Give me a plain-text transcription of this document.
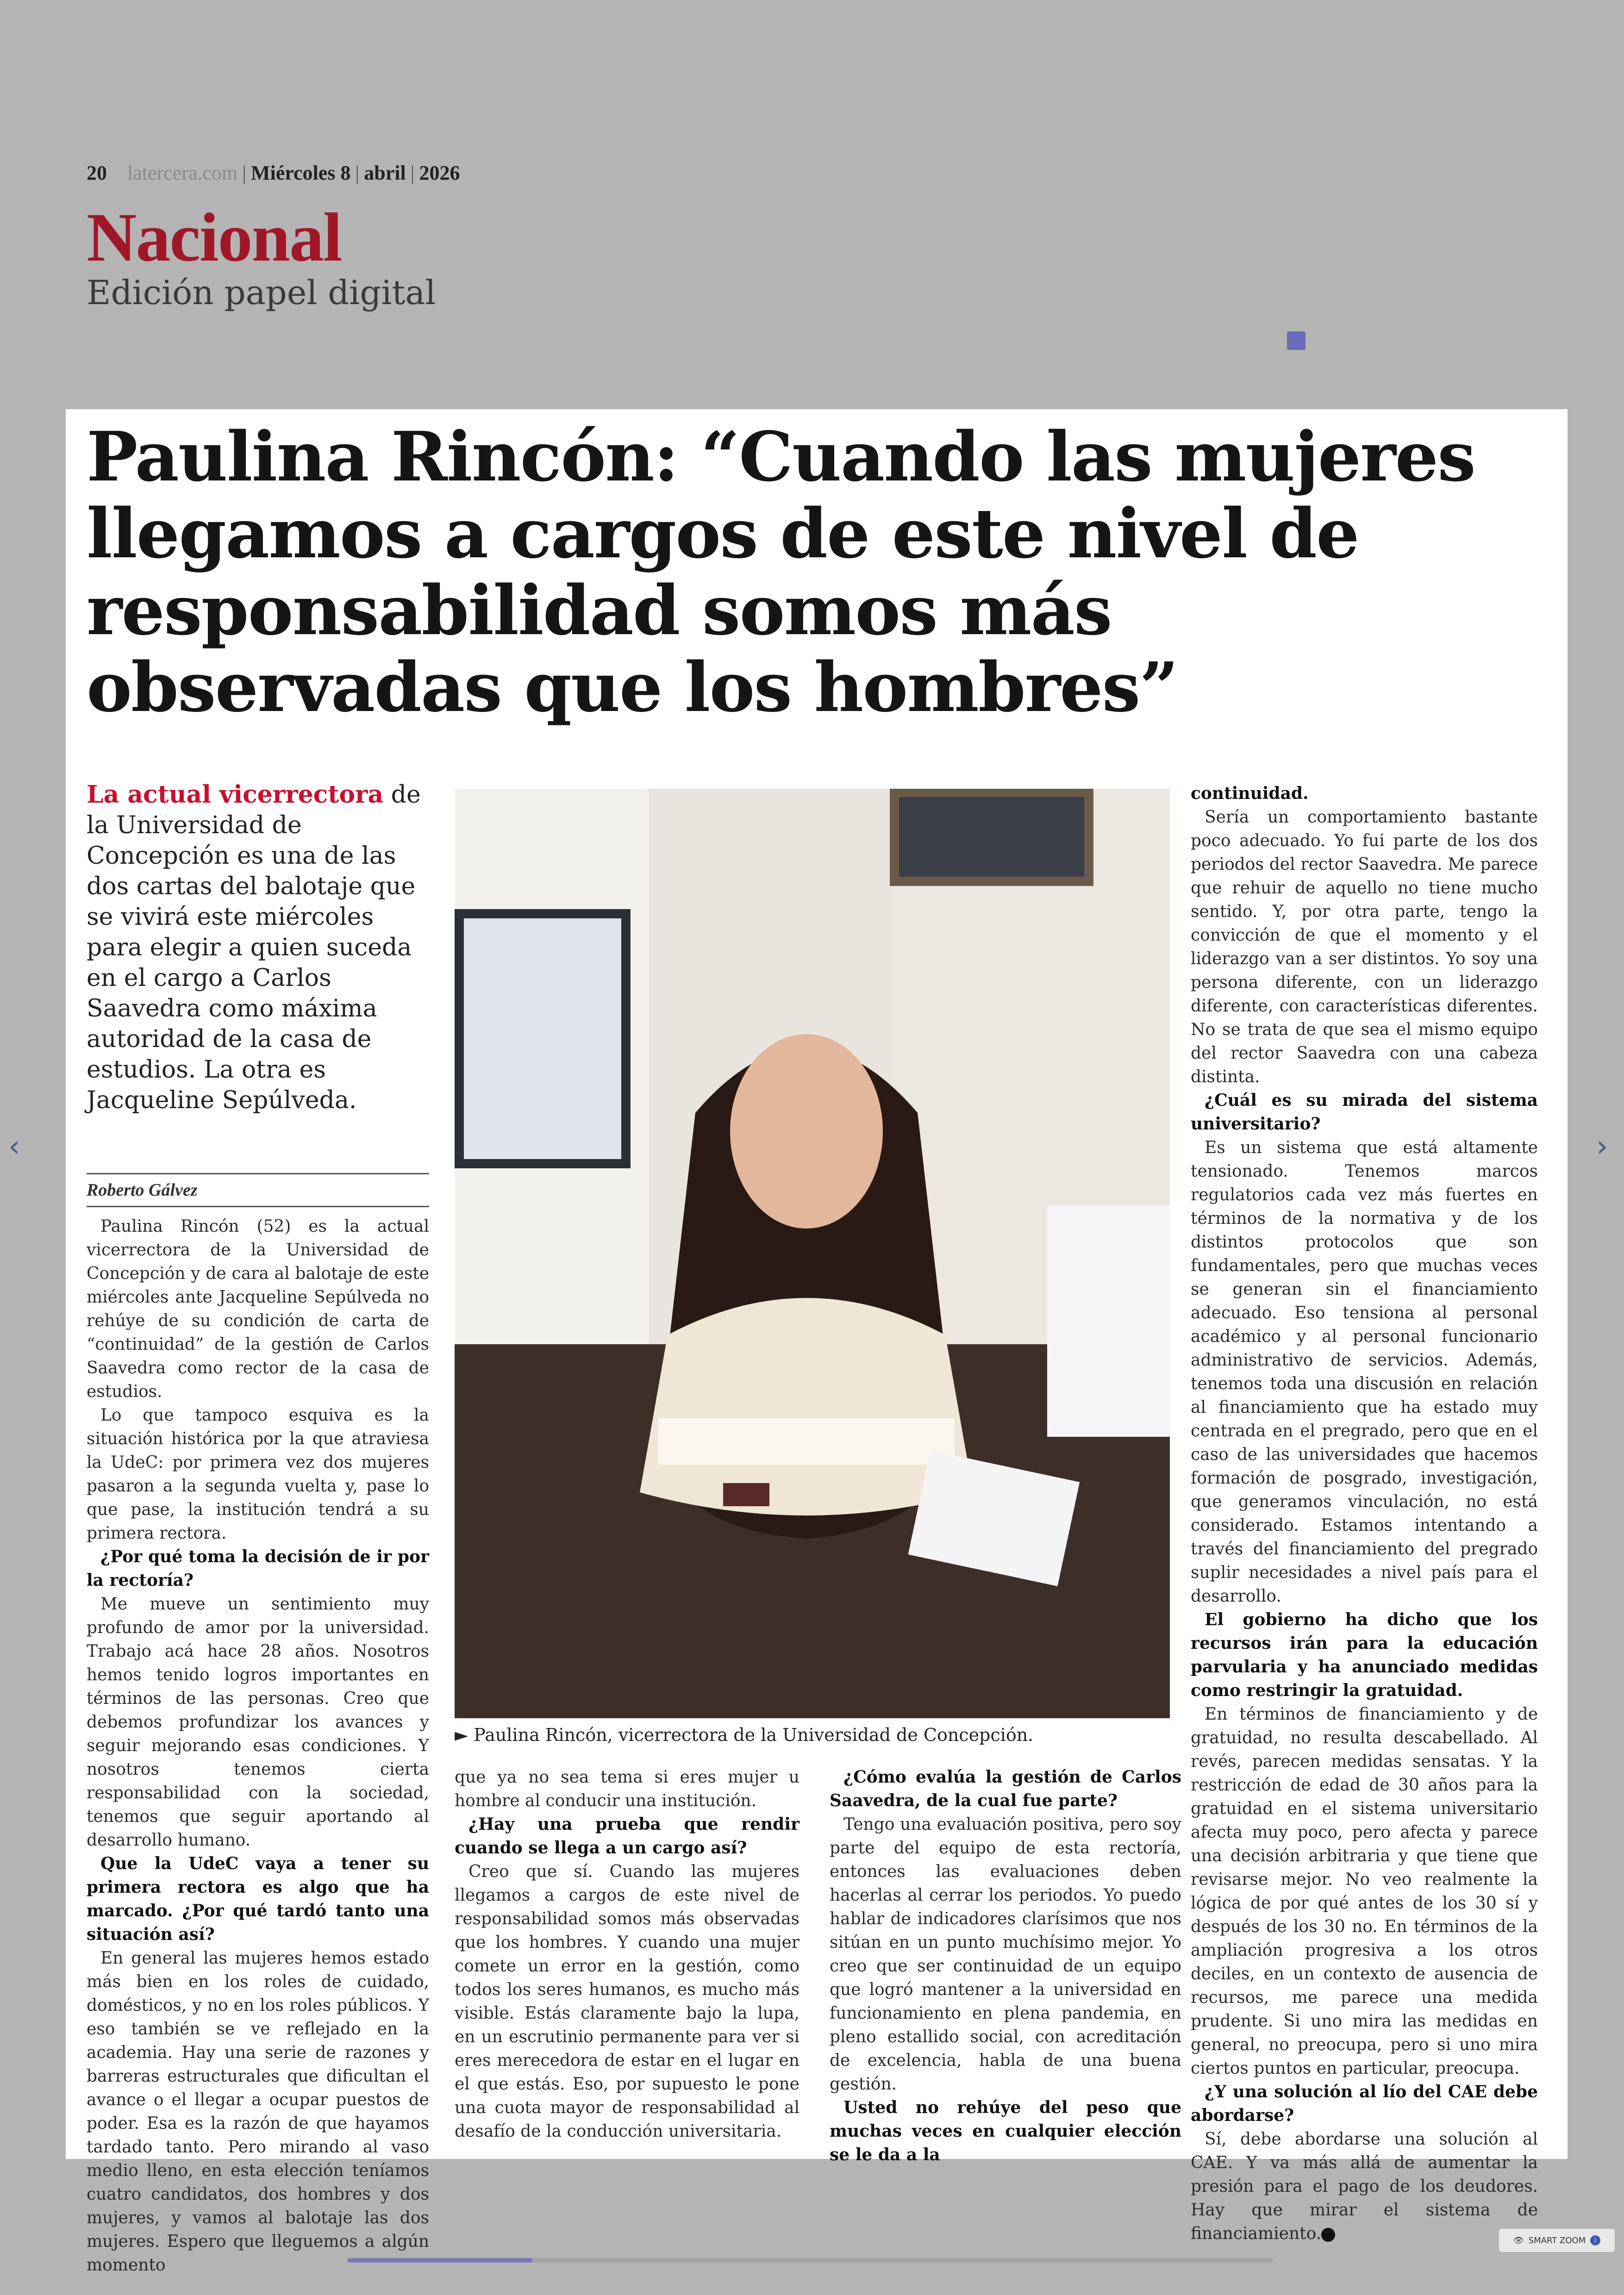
20 latercera.com | Miércoles 8 | abril | 2026
Nacional
Edición papel digital
‹	›
Paulina Rincón: “Cuando las mujeres llegamos a cargos de este nivel de responsabilidad somos más observadas que los hombres”
La actual vicerrectora de la Universidad de Concepción es una de las dos cartas del balotaje que se vivirá este miércoles para elegir a quien suceda en el cargo a Carlos Saavedra como máxima autoridad de la casa de estudios. La otra es Jacqueline Sepúlveda.
Roberto Gálvez

Paulina Rincón (52) es la actual vicerrectora de la Universidad de Concepción y de cara al balotaje de este miércoles ante Jacqueline Sepúlveda no rehúye de su condición de carta de “continuidad” de la gestión de Carlos Saavedra como rector de la casa de estudios.

Lo que tampoco esquiva es la situación histórica por la que atraviesa la UdeC: por primera vez dos mujeres pasaron a la segunda vuelta y, pase lo que pase, la institución tendrá a su primera rectora.

¿Por qué toma la decisión de ir por la rectoría?

Me mueve un sentimiento muy profundo de amor por la universidad. Trabajo acá hace 28 años. Nosotros hemos tenido logros importantes en términos de las personas. Creo que debemos profundizar los avances y seguir mejorando esas condiciones. Y nosotros tenemos cierta responsabilidad con la sociedad, tenemos que seguir aportando al desarrollo humano.

Que la UdeC vaya a tener su primera rectora es algo que ha marcado. ¿Por qué tardó tanto una situación así?

En general las mujeres hemos estado más bien en los roles de cuidado, domésticos, y no en los roles públicos. Y eso también se ve reflejado en la academia. Hay una serie de razones y barreras estructurales que dificultan el avance o el llegar a ocupar puestos de poder. Esa es la razón de que hayamos tardado tanto. Pero mirando al vaso medio lleno, en esta elección teníamos cuatro candidatos, dos hombres y dos mujeres, y vamos al balotaje las dos mujeres. Espero que lleguemos a algún momento

que ya no sea tema si eres mujer u hombre al conducir una institución.

¿Hay una prueba que rendir cuando se llega a un cargo así?

Creo que sí. Cuando las mujeres llegamos a cargos de este nivel de responsabilidad somos más observadas que los hombres. Y cuando una mujer comete un error en la gestión, como todos los seres humanos, es mucho más visible. Estás claramente bajo la lupa, en un escrutinio permanente para ver si eres merecedora de estar en el lugar en el que estás. Eso, por supuesto le pone una cuota mayor de responsabilidad al desafío de la conducción universitaria.

¿Cómo evalúa la gestión de Carlos Saavedra, de la cual fue parte?

Tengo una evaluación positiva, pero soy parte del equipo de esta rectoría, entonces las evaluaciones deben hacerlas al cerrar los periodos. Yo puedo hablar de indicadores clarísimos que nos sitúan en un punto muchísimo mejor. Yo creo que ser continuidad de un equipo que logró mantener a la universidad en funcionamiento en plena pandemia, en pleno estallido social, con acreditación de excelencia, habla de una buena gestión.

Usted no rehúye del peso que muchas veces en cualquier elección se le da a la

continuidad.

Sería un comportamiento bastante poco adecuado. Yo fui parte de los dos periodos del rector Saavedra. Me parece que rehuir de aquello no tiene mucho sentido. Y, por otra parte, tengo la convicción de que el momento y el liderazgo van a ser distintos. Yo soy una persona diferente, con un liderazgo diferente, con características diferentes. No se trata de que sea el mismo equipo del rector Saavedra con una cabeza distinta.

¿Cuál es su mirada del sistema universitario?

Es un sistema que está altamente tensionado. Tenemos marcos regulatorios cada vez más fuertes en términos de la normativa y de los distintos protocolos que son fundamentales, pero que muchas veces se generan sin el financiamiento adecuado. Eso tensiona al personal académico y al personal funcionario administrativo de servicios. Además, tenemos toda una discusión en relación al financiamiento que ha estado muy centrada en el pregrado, pero que en el caso de las universidades que hacemos formación de posgrado, investigación, que generamos vinculación, no está considerado. Estamos intentando a través del financiamiento del pregrado suplir necesidades a nivel país para el desarrollo.

El gobierno ha dicho que los recursos irán para la educación parvularia y ha anunciado medidas como restringir la gratuidad.

En términos de financiamiento y de gratuidad, no resulta descabellado. Al revés, parecen medidas sensatas. Y la restricción de edad de 30 años para la gratuidad en el sistema universitario afecta muy poco, pero afecta y parece una decisión arbitraria y que tiene que revisarse mejor. No veo realmente la lógica de por qué antes de los 30 sí y después de los 30 no. En términos de la ampliación progresiva a los otros deciles, en un contexto de ausencia de recursos, me parece una medida prudente. Si uno mira las medidas en general, no preocupa, pero si uno mira ciertos puntos en particular, preocupa.

¿Y una solución al lío del CAE debe abordarse?

Sí, debe abordarse una solución al CAE. Y va más allá de aumentar la presión para el pago de los deudores. Hay que mirar el sistema de financiamiento.

► Paulina Rincón, vicerrectora de la Universidad de Concepción.
👁 SMART ZOOM	i
